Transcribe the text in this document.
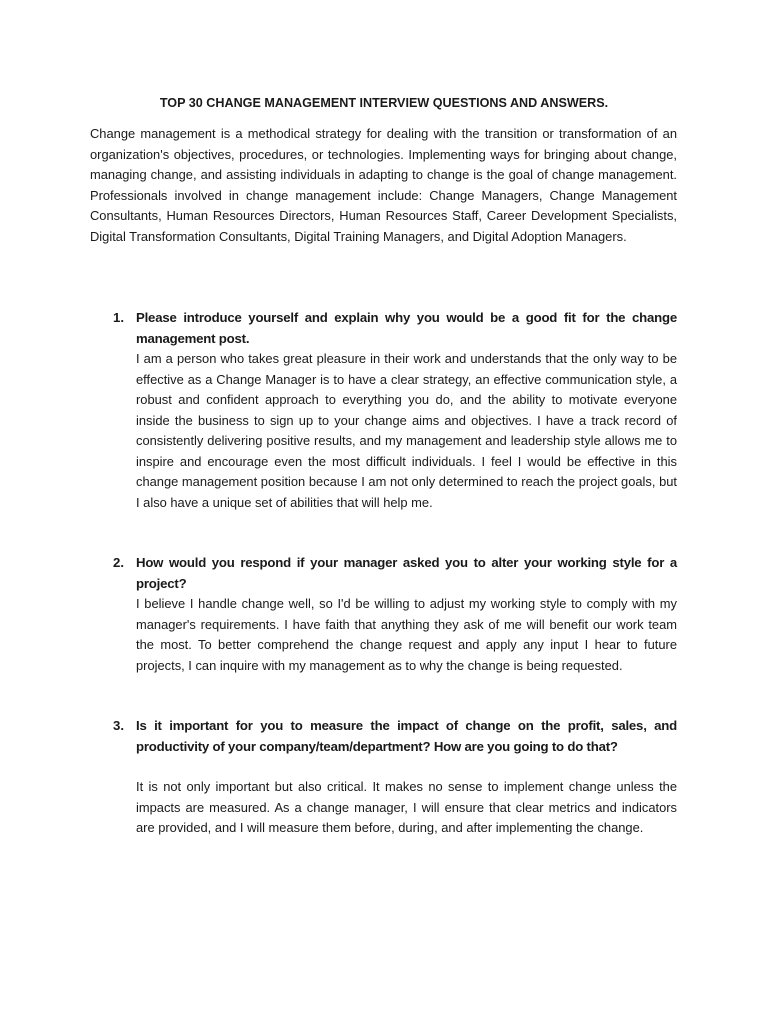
TOP 30 CHANGE MANAGEMENT INTERVIEW QUESTIONS AND ANSWERS.

Change management is a methodical strategy for dealing with the transition or transformation of an organization's objectives, procedures, or technologies. Implementing ways for bringing about change, managing change, and assisting individuals in adapting to change is the goal of change management. Professionals involved in change management include: Change Managers, Change Management Consultants, Human Resources Directors, Human Resources Staff, Career Development Specialists, Digital Transformation Consultants, Digital Training Managers, and Digital Adoption Managers.

1. Please introduce yourself and explain why you would be a good fit for the change management post.

I am a person who takes great pleasure in their work and understands that the only way to be effective as a Change Manager is to have a clear strategy, an effective communication style, a robust and confident approach to everything you do, and the ability to motivate everyone inside the business to sign up to your change aims and objectives. I have a track record of consistently delivering positive results, and my management and leadership style allows me to inspire and encourage even the most difficult individuals. I feel I would be effective in this change management position because I am not only determined to reach the project goals, but I also have a unique set of abilities that will help me.

2. How would you respond if your manager asked you to alter your working style for a project?

I believe I handle change well, so I'd be willing to adjust my working style to comply with my manager's requirements. I have faith that anything they ask of me will benefit our work team the most. To better comprehend the change request and apply any input I hear to future projects, I can inquire with my management as to why the change is being requested.

3. Is it important for you to measure the impact of change on the profit, sales, and productivity of your company/team/department? How are you going to do that?

It is not only important but also critical. It makes no sense to implement change unless the impacts are measured. As a change manager, I will ensure that clear metrics and indicators are provided, and I will measure them before, during, and after implementing the change.
